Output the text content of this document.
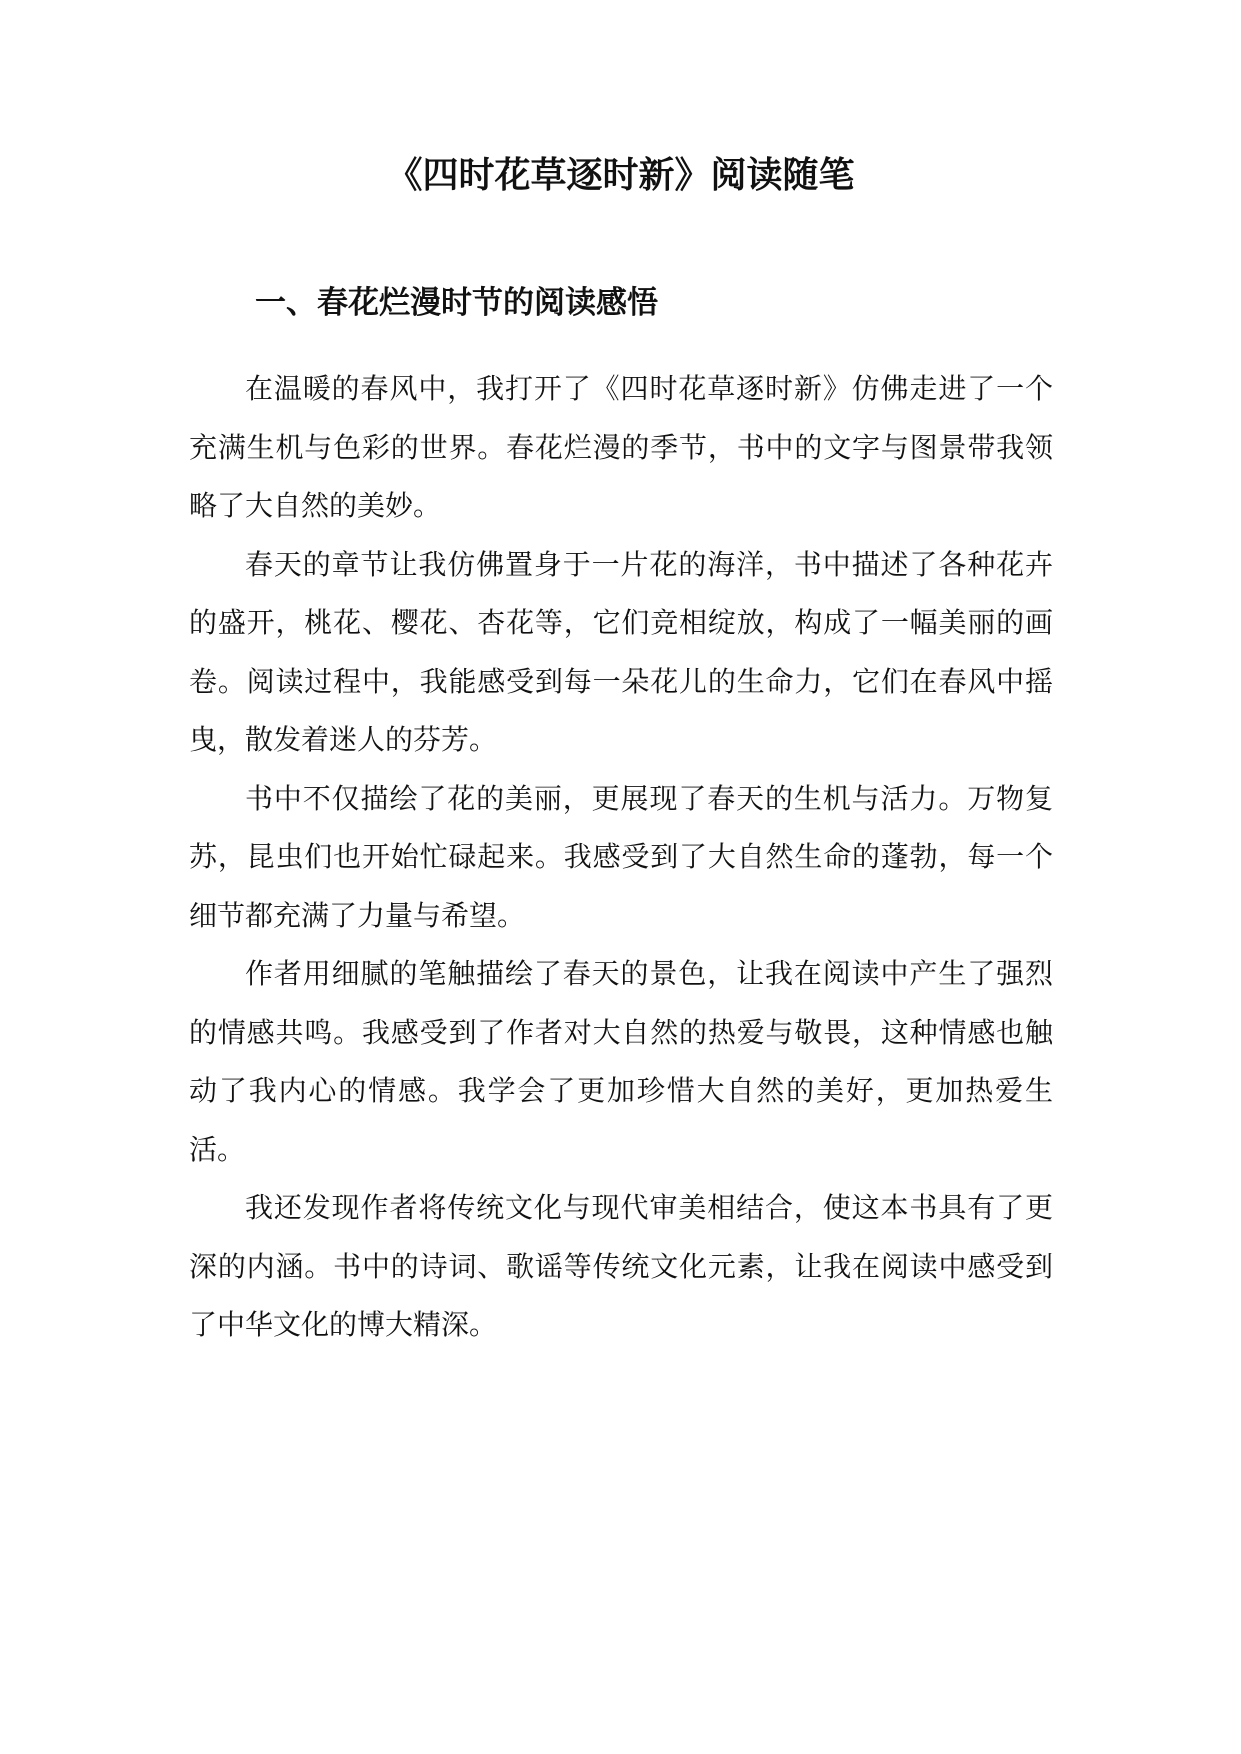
《四时花草逐时新》阅读随笔
一、春花烂漫时节的阅读感悟

在温暖的春风中，我打开了《四时花草逐时新》仿佛走进了一个充满生机与色彩的世界。春花烂漫的季节，书中的文字与图景带我领略了大自然的美妙。

春天的章节让我仿佛置身于一片花的海洋，书中描述了各种花卉的盛开，桃花、樱花、杏花等，它们竞相绽放，构成了一幅美丽的画卷。阅读过程中，我能感受到每一朵花儿的生命力，它们在春风中摇曳，散发着迷人的芬芳。

书中不仅描绘了花的美丽，更展现了春天的生机与活力。万物复苏，昆虫们也开始忙碌起来。我感受到了大自然生命的蓬勃，每一个细节都充满了力量与希望。

作者用细腻的笔触描绘了春天的景色，让我在阅读中产生了强烈的情感共鸣。我感受到了作者对大自然的热爱与敬畏，这种情感也触动了我内心的情感。我学会了更加珍惜大自然的美好，更加热爱生活。

我还发现作者将传统文化与现代审美相结合，使这本书具有了更深的内涵。书中的诗词、歌谣等传统文化元素，让我在阅读中感受到了中华文化的博大精深。
